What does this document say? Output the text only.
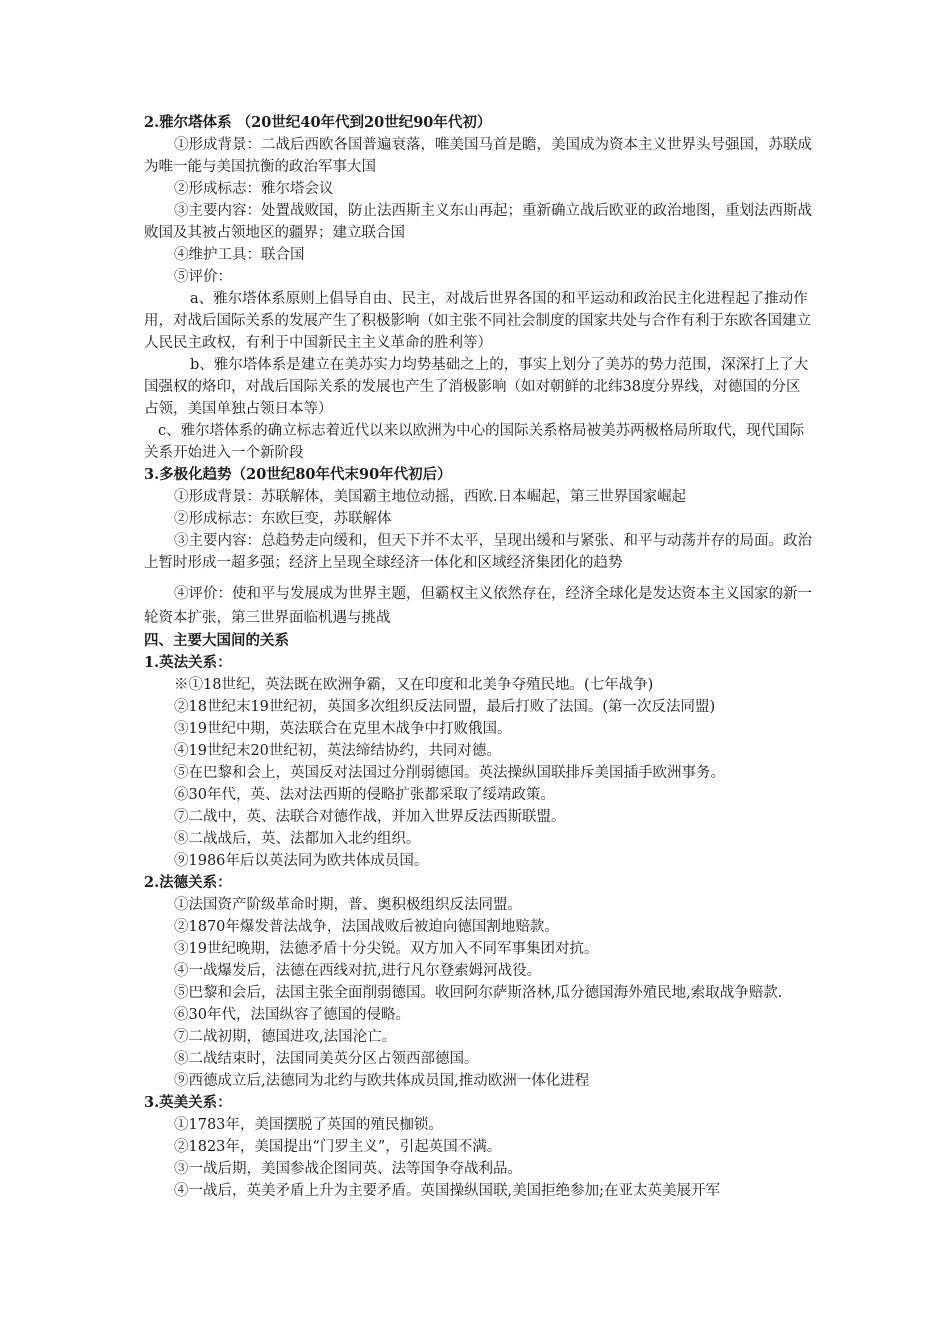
2.雅尔塔体系 （20世纪40年代到20世纪90年代初）
①形成背景：二战后西欧各国普遍衰落，唯美国马首是瞻，美国成为资本主义世界头号强国，苏联成为唯一能与美国抗衡的政治军事大国
②形成标志：雅尔塔会议
③主要内容：处置战败国，防止法西斯主义东山再起；重新确立战后欧亚的政治地图，重划法西斯战败国及其被占领地区的疆界；建立联合国
④维护工具：联合国
⑤评价：
a、雅尔塔体系原则上倡导自由、民主，对战后世界各国的和平运动和政治民主化进程起了推动作用，对战后国际关系的发展产生了积极影响（如主张不同社会制度的国家共处与合作有利于东欧各国建立人民民主政权，有利于中国新民主主义革命的胜利等）
b、雅尔塔体系是建立在美苏实力均势基础之上的，事实上划分了美苏的势力范围，深深打上了大国强权的烙印，对战后国际关系的发展也产生了消极影响（如对朝鲜的北纬38度分界线，对德国的分区占领，美国单独占领日本等）
c、雅尔塔体系的确立标志着近代以来以欧洲为中心的国际关系格局被美苏两极格局所取代，现代国际关系开始进入一个新阶段
3.多极化趋势（20世纪80年代末90年代初后）
①形成背景：苏联解体，美国霸主地位动摇，西欧.日本崛起，第三世界国家崛起
②形成标志：东欧巨变，苏联解体
③主要内容：总趋势走向缓和，但天下并不太平，呈现出缓和与紧张、和平与动荡并存的局面。政治上暂时形成一超多强；经济上呈现全球经济一体化和区域经济集团化的趋势
④评价：使和平与发展成为世界主题，但霸权主义依然存在，经济全球化是发达资本主义国家的新一轮资本扩张，第三世界面临机遇与挑战
四、主要大国间的关系
1.英法关系：
※①18世纪，英法既在欧洲争霸，又在印度和北美争夺殖民地。(七年战争)
②18世纪末19世纪初，英国多次组织反法同盟，最后打败了法国。(第一次反法同盟)
③19世纪中期，英法联合在克里木战争中打败俄国。
④19世纪末20世纪初，英法缔结协约，共同对德。
⑤在巴黎和会上，英国反对法国过分削弱德国。英法操纵国联排斥美国插手欧洲事务。
⑥30年代，英、法对法西斯的侵略扩张都采取了绥靖政策。
⑦二战中，英、法联合对德作战，并加入世界反法西斯联盟。
⑧二战战后，英、法都加入北约组织。
⑨1986年后以英法同为欧共体成员国。
2.法德关系：
①法国资产阶级革命时期，普、奥积极组织反法同盟。
②1870年爆发普法战争，法国战败后被迫向德国割地赔款。
③19世纪晚期，法德矛盾十分尖锐。双方加入不同军事集团对抗。
④一战爆发后，法德在西线对抗,进行凡尔登索姆河战役。
⑤巴黎和会后，法国主张全面削弱德国。收回阿尔萨斯洛林,瓜分德国海外殖民地,索取战争赔款.
⑥30年代，法国纵容了德国的侵略。
⑦二战初期，德国进攻,法国沦亡。
⑧二战结束时，法国同美英分区占领西部德国。
⑨西德成立后,法德同为北约与欧共体成员国,推动欧洲一体化进程
3.英美关系：
①1783年，美国摆脱了英国的殖民枷锁。
②1823年，美国提出“门罗主义”，引起英国不满。
③一战后期，美国参战企图同英、法等国争夺战利品。
④一战后，英美矛盾上升为主要矛盾。英国操纵国联,美国拒绝参加;在亚太英美展开军
